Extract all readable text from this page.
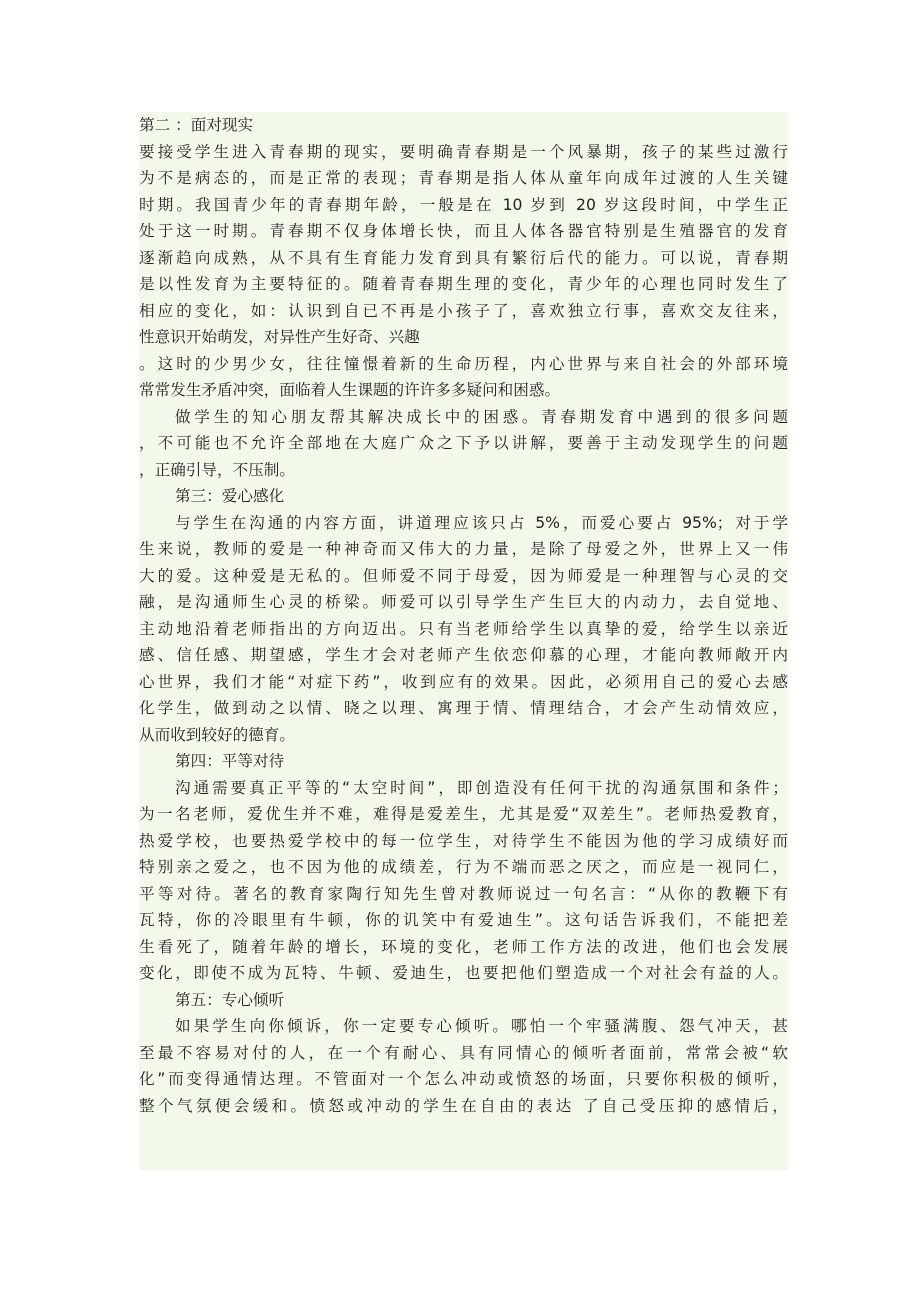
第二 ：面对现实
要接受学生进入青春期的现实，要明确青春期是一个风暴期，孩子的某些过激行
为不是病态的，而是正常的表现；青春期是指人体从童年向成年过渡的人生关键
时期。我国青少年的青春期年龄，一般是在 10 岁到 20 岁这段时间，中学生正
处于这一时期。青春期不仅身体增长快，而且人体各器官特别是生殖器官的发育
逐渐趋向成熟，从不具有生育能力发育到具有繁衍后代的能力。可以说，青春期
是以性发育为主要特征的。随着青春期生理的变化，青少年的心理也同时发生了
相应的变化，如：认识到自已不再是小孩子了，喜欢独立行事，喜欢交友往来，
性意识开始萌发，对异性产生好奇、兴趣
。这时的少男少女，往往憧憬着新的生命历程，内心世界与来自社会的外部环境
常常发生矛盾冲突，面临着人生课题的许许多多疑问和困惑。
做学生的知心朋友帮其解决成长中的困惑。青春期发育中遇到的很多问题
，不可能也不允许全部地在大庭广众之下予以讲解，要善于主动发现学生的问题
，正确引导，不压制。
第三：爱心感化
与学生在沟通的内容方面，讲道理应该只占 5%，而爱心要占 95%；对于学
生来说，教师的爱是一种神奇而又伟大的力量，是除了母爱之外，世界上又一伟
大的爱。这种爱是无私的。但师爱不同于母爱，因为师爱是一种理智与心灵的交
融，是沟通师生心灵的桥梁。师爱可以引导学生产生巨大的内动力，去自觉地、
主动地沿着老师指出的方向迈出。只有当老师给学生以真挚的爱，给学生以亲近
感、信任感、期望感，学生才会对老师产生依恋仰慕的心理，才能向教师敞开内
心世界，我们才能“对症下药”，收到应有的效果。因此，必须用自己的爱心去感
化学生，做到动之以情、晓之以理、寓理于情、情理结合，才会产生动情效应，
从而收到较好的德育。
第四：平等对待
沟通需要真正平等的“太空时间”，即创造没有任何干扰的沟通氛围和条件；
为一名老师，爱优生并不难，难得是爱差生，尤其是爱“双差生”。老师热爱教育，
热爱学校，也要热爱学校中的每一位学生，对待学生不能因为他的学习成绩好而
特别亲之爱之，也不因为他的成绩差，行为不端而恶之厌之，而应是一视同仁，
平等对待。著名的教育家陶行知先生曾对教师说过一句名言：“从你的教鞭下有
瓦特，你的冷眼里有牛顿，你的讥笑中有爱迪生”。这句话告诉我们，不能把差
生看死了，随着年龄的增长，环境的变化，老师工作方法的改进，他们也会发展
变化，即使不成为瓦特、牛顿、爱迪生，也要把他们塑造成一个对社会有益的人。
第五：专心倾听
如果学生向你倾诉，你一定要专心倾听。哪怕一个牢骚满腹、怨气冲天，甚
至最不容易对付的人，在一个有耐心、具有同情心的倾听者面前，常常会被“软
化”而变得通情达理。不管面对一个怎么冲动或愤怒的场面，只要你积极的倾听，
整个气氛便会缓和。愤怒或冲动的学生在自由的表达 了自己受压抑的感情后，
